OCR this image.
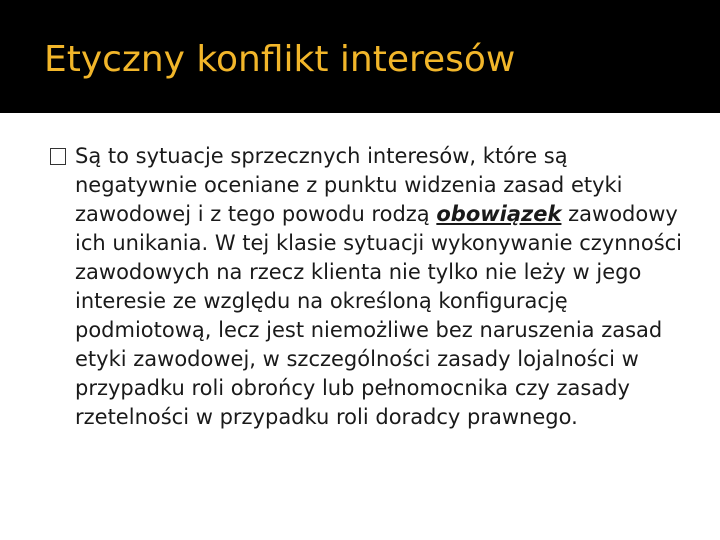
Etyczny konflikt interesów
Są to sytuacje sprzecznych interesów, które są negatywnie oceniane z punktu widzenia zasad etyki zawodowej i z tego powodu rodzą obowiązek zawodowy ich unikania. W tej klasie sytuacji wykonywanie czynności zawodowych na rzecz klienta nie tylko nie leży w jego interesie ze względu na określoną konfigurację podmiotową, lecz jest niemożliwe bez naruszenia zasad etyki zawodowej, w szczególności zasady lojalności w przypadku roli obrońcy lub pełnomocnika czy zasady rzetelności w przypadku roli doradcy prawnego.
